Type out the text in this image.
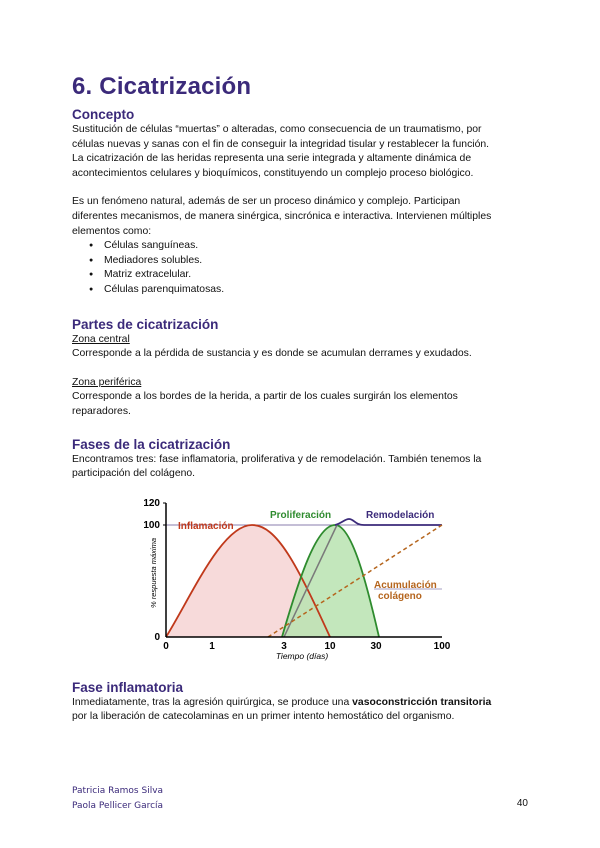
6. Cicatrización
Concepto

Sustitución de células “muertas” o alteradas, como consecuencia de un traumatismo, por
células nuevas y sanas con el fin de conseguir la integridad tisular y restablecer la función.
La cicatrización de las heridas representa una serie integrada y altamente dinámica de
acontecimientos celulares y bioquímicos, constituyendo un complejo proceso biológico.

Es un fenómeno natural, además de ser un proceso dinámico y complejo. Participan
diferentes mecanismos, de manera sinérgica, sincrónica e interactiva. Intervienen múltiples
elementos como:

● Células sanguíneas.
● Mediadores solubles.
● Matriz extracelular.
● Células parenquimatosas.
Partes de cicatrización
Zona central

Corresponde a la pérdida de sustancia y es donde se acumulan derrames y exudados.

Zona periférica

Corresponde a los bordes de la herida, a partir de los cuales surgirán los elementos
reparadores.

Fases de la cicatrización

Encontramos tres: fase inflamatoria, proliferativa y de remodelación. También tenemos la
participación del colágeno.

120
100
0
0	1	3	10	30	100
Tiempo (días)
% respuesta máxima
Inflamación
Proliferación	Remodelación
Acumulación
colágeno
Fase inflamatoria

Inmediatamente, tras la agresión quirúrgica, se produce una vasoconstricción transitoria
por la liberación de catecolaminas en un primer intento hemostático del organismo.

Patricia Ramos Silva
Paola Pellicer García	40
